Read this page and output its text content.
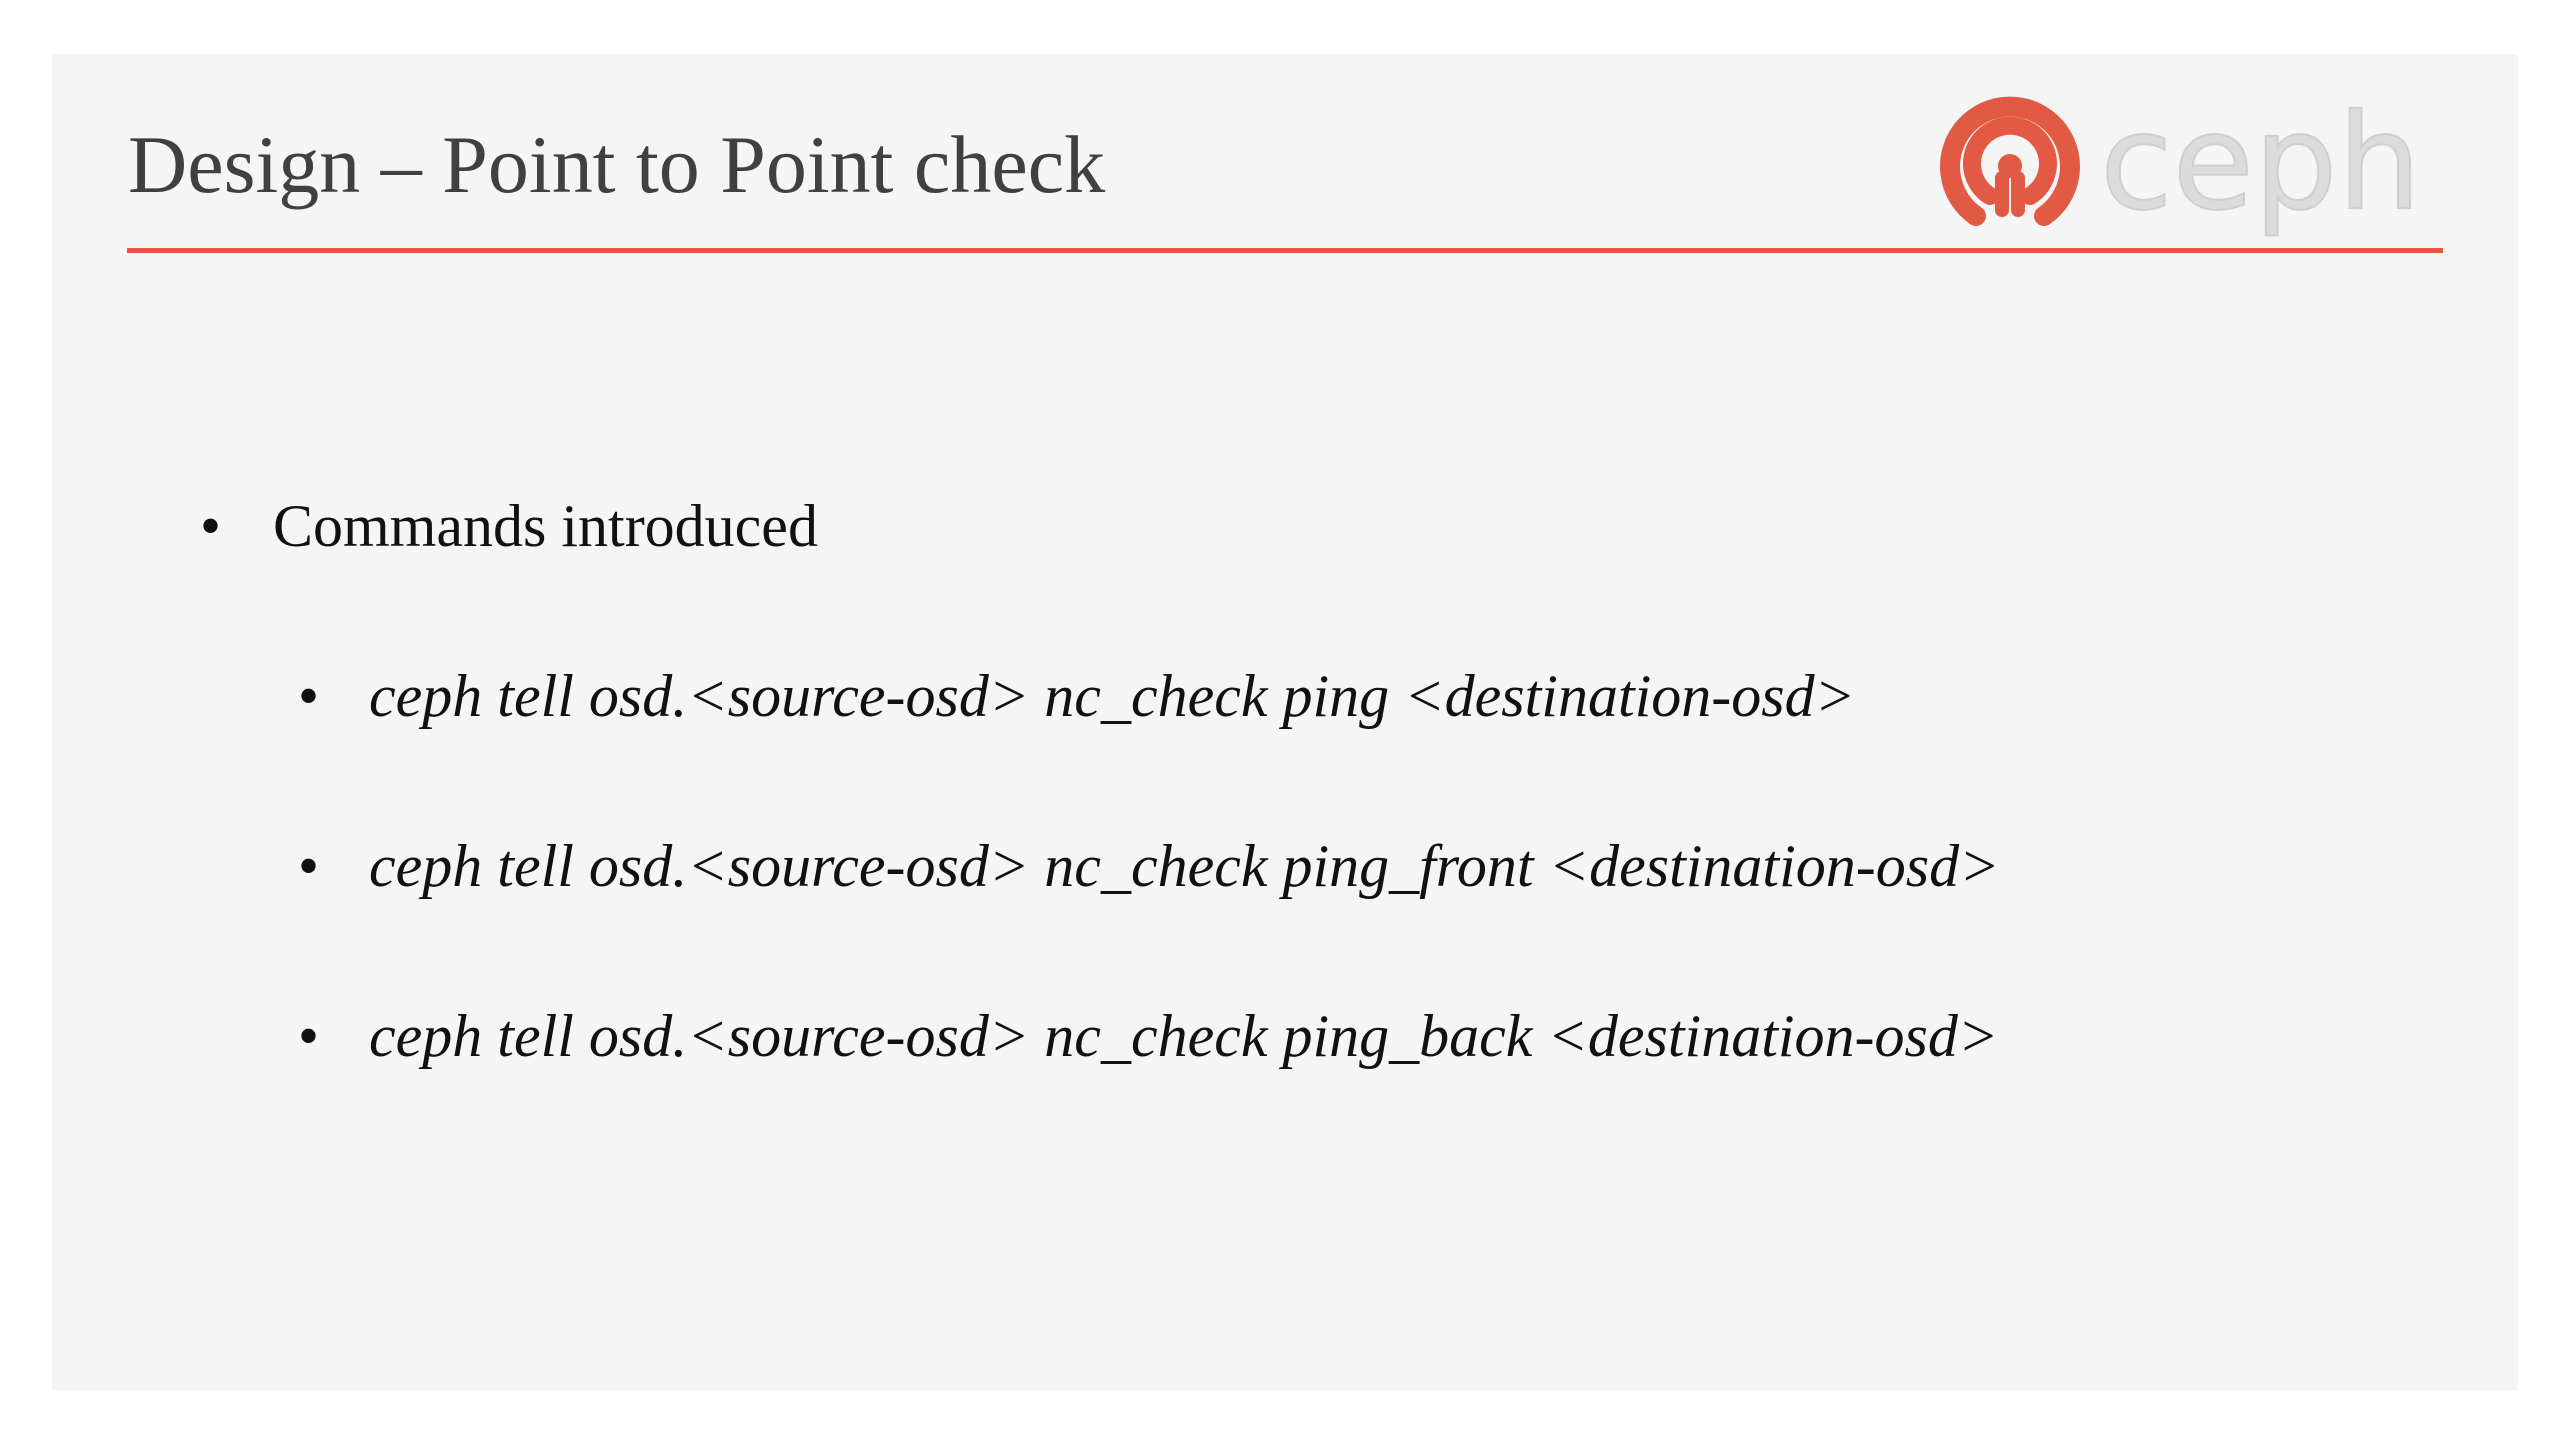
Design – Point to Point check	ceph
• Commands introduced
• ceph tell osd.<source-osd> nc_check ping <destination-osd>
• ceph tell osd.<source-osd> nc_check ping_front <destination-osd>
• ceph tell osd.<source-osd> nc_check ping_back <destination-osd>
